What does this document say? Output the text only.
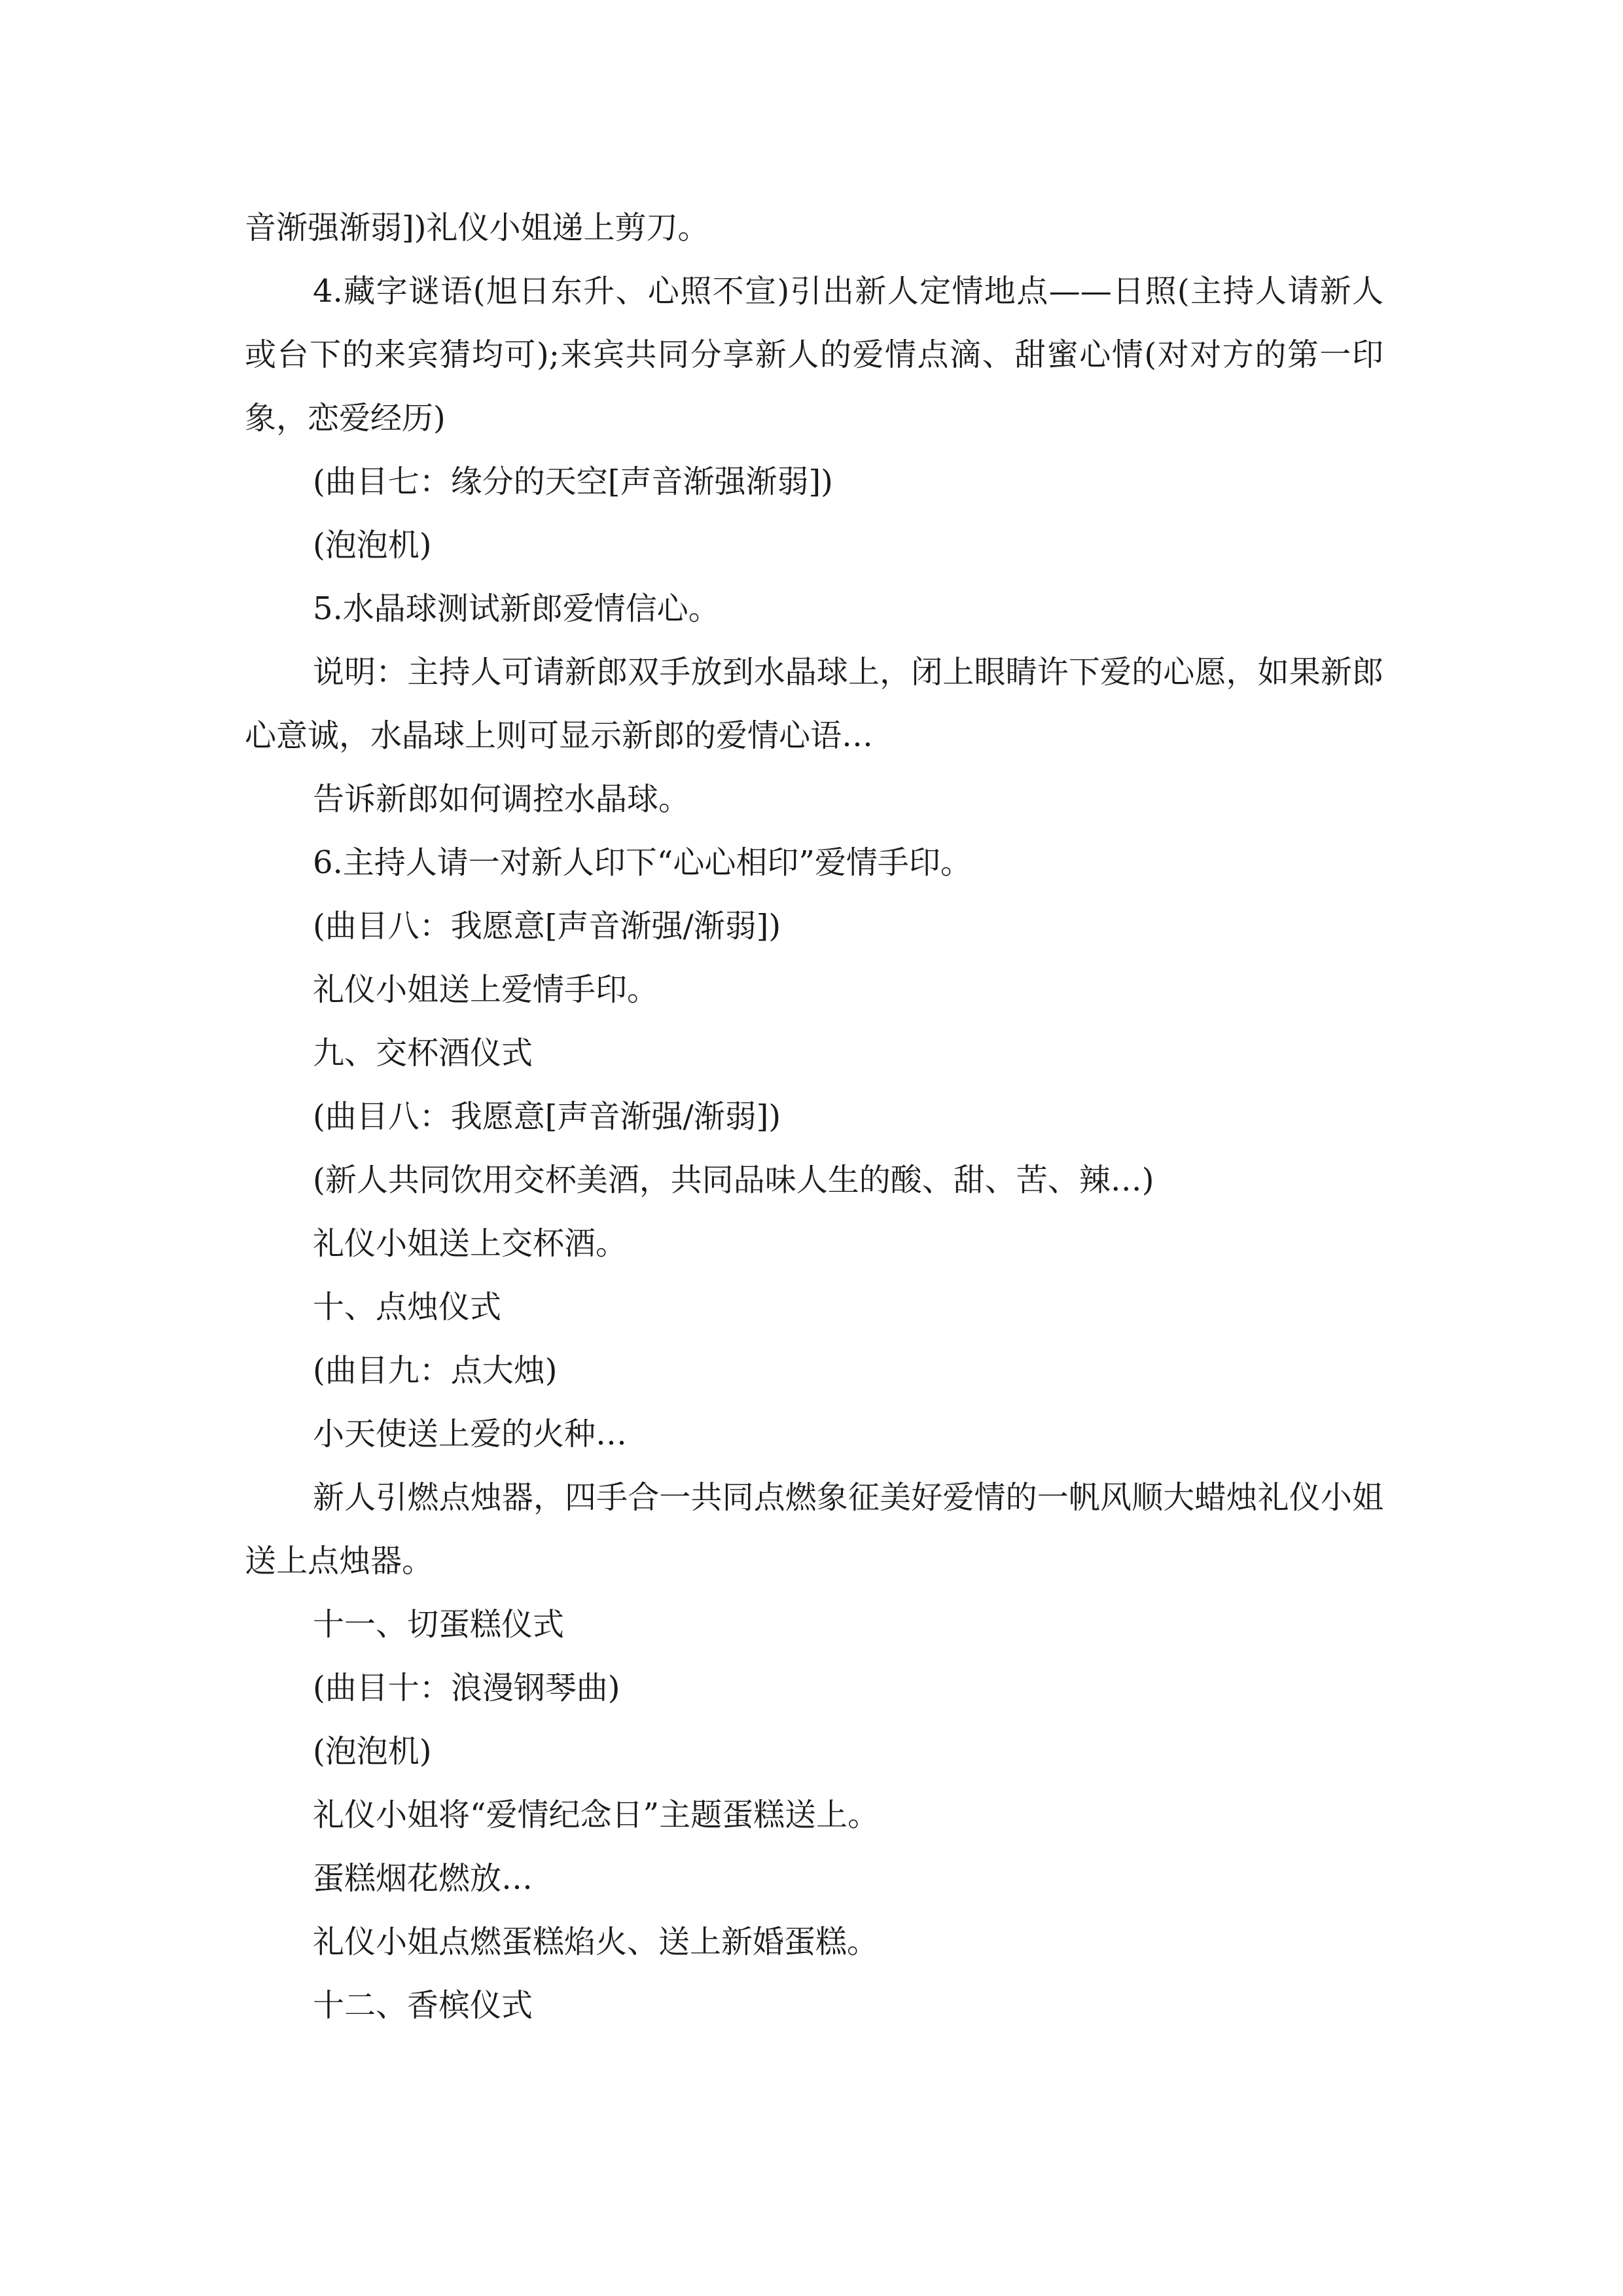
音渐强渐弱])礼仪小姐递上剪刀。

4.藏字谜语(旭日东升、心照不宣)引出新人定情地点——日照(主持人请新人或台下的来宾猜均可);来宾共同分享新人的爱情点滴、甜蜜心情(对对方的第一印象，恋爱经历)

(曲目七：缘分的天空[声音渐强渐弱])

(泡泡机)

5.水晶球测试新郎爱情信心。

说明：主持人可请新郎双手放到水晶球上，闭上眼睛许下爱的心愿，如果新郎心意诚，水晶球上则可显示新郎的爱情心语…

告诉新郎如何调控水晶球。

6.主持人请一对新人印下“心心相印”爱情手印。

(曲目八：我愿意[声音渐强/渐弱])

礼仪小姐送上爱情手印。

九、交杯酒仪式

(曲目八：我愿意[声音渐强/渐弱])

(新人共同饮用交杯美酒，共同品味人生的酸、甜、苦、辣…)

礼仪小姐送上交杯酒。

十、点烛仪式

(曲目九：点大烛)

小天使送上爱的火种…

新人引燃点烛器，四手合一共同点燃象征美好爱情的一帆风顺大蜡烛礼仪小姐送上点烛器。

十一、切蛋糕仪式

(曲目十：浪漫钢琴曲)

(泡泡机)

礼仪小姐将“爱情纪念日”主题蛋糕送上。

蛋糕烟花燃放…

礼仪小姐点燃蛋糕焰火、送上新婚蛋糕。

十二、香槟仪式
